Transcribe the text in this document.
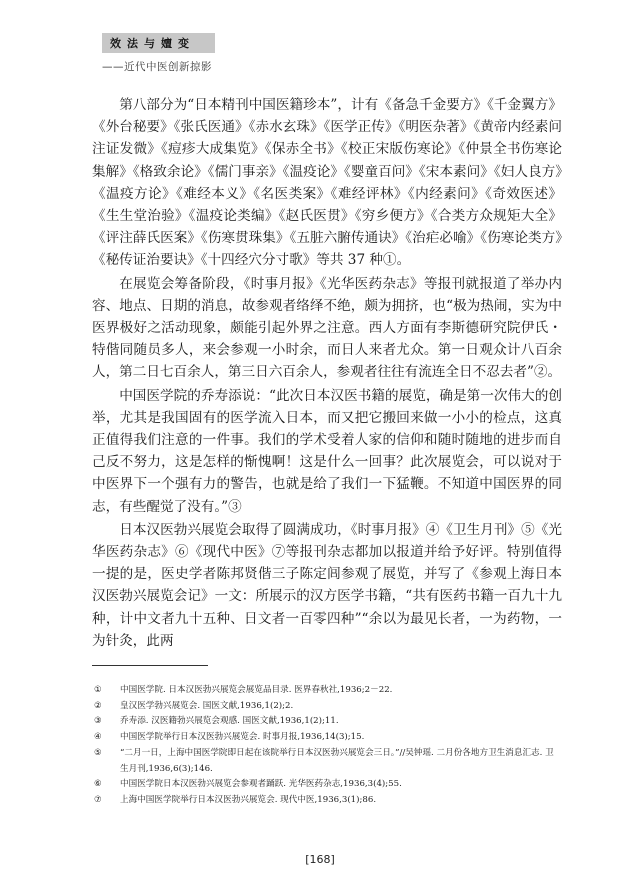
效法与嬗变
——近代中医创新掠影

第八部分为“日本精刊中国医籍珍本”，计有《备急千金要方》《千金翼方》《外台秘要》《张氏医通》《赤水玄珠》《医学正传》《明医杂著》《黄帝内经素问注证发微》《痘疹大成集览》《保赤全书》《校正宋版伤寒论》《仲景全书伤寒论集解》《格致余论》《儒门事亲》《温疫论》《婴童百问》《宋本素问》《妇人良方》《温疫方论》《难经本义》《名医类案》《难经评林》《内经素问》《奇效医述》《生生堂治验》《温疫论类编》《赵氏医贯》《穷乡便方》《合类方众规矩大全》《评注薛氏医案》《伤寒贯珠集》《五脏六腑传通诀》《治疟必喻》《伤寒论类方》《秘传证治要诀》《十四经穴分寸歌》等共 37 种①。

在展览会筹备阶段，《时事月报》《光华医药杂志》等报刊就报道了举办内容、地点、日期的消息，故参观者络绎不绝，颇为拥挤，也“极为热闹，实为中医界极好之活动现象，颇能引起外界之注意。西人方面有李斯德研究院伊氏・特偕同随员多人，来会参观一小时余，而日人来者尤众。第一日观众计八百余人，第二日七百余人，第三日六百余人，参观者往往有流连全日不忍去者”②。

中国医学院的乔寿添说：“此次日本汉医书籍的展览，确是第一次伟大的创举，尤其是我国固有的医学流入日本，而又把它搬回来做一小小的检点，这真正值得我们注意的一件事。我们的学术受着人家的信仰和随时随地的进步而自己反不努力，这是怎样的惭愧啊！这是什么一回事？此次展览会，可以说对于中医界下一个强有力的警告，也就是给了我们一下猛鞭。不知道中国医界的同志，有些醒觉了没有。”③

日本汉医勃兴展览会取得了圆满成功，《时事月报》④《卫生月刊》⑤《光华医药杂志》⑥《现代中医》⑦等报刊杂志都加以报道并给予好评。特别值得一提的是，医史学者陈邦贤偕三子陈定闾参观了展览，并写了《参观上海日本汉医勃兴展览会记》一文：所展示的汉方医学书籍，“共有医药书籍一百九十九种，计中文者九十五种、日文者一百零四种”“余以为最见长者，一为药物，一为针灸，此两

①	中国医学院. 日本汉医勃兴展览会展览品目录. 医界春秋社,1936;2－22.
②	皇汉医学勃兴展览会. 国医文献,1936,1(2);2.
③	乔寿添. 汉医籍勃兴展览会观感. 国医文献,1936,1(2);11.
④	中国医学院举行日本汉医勃兴展览会. 时事月报,1936,14(3);15.
⑤	“二月一日，上海中国医学院即日起在该院举行日本汉医勃兴展览会三日。”//吴钟瑶. 二月份各地方卫生消息汇志. 卫生月刊,1936,6(3);146.
⑥	中国医学院日本汉医勃兴展览会参观者踊跃. 光华医药杂志,1936,3(4);55.
⑦	上海中国医学院举行日本汉医勃兴展览会. 现代中医,1936,3(1);86.
[168]
